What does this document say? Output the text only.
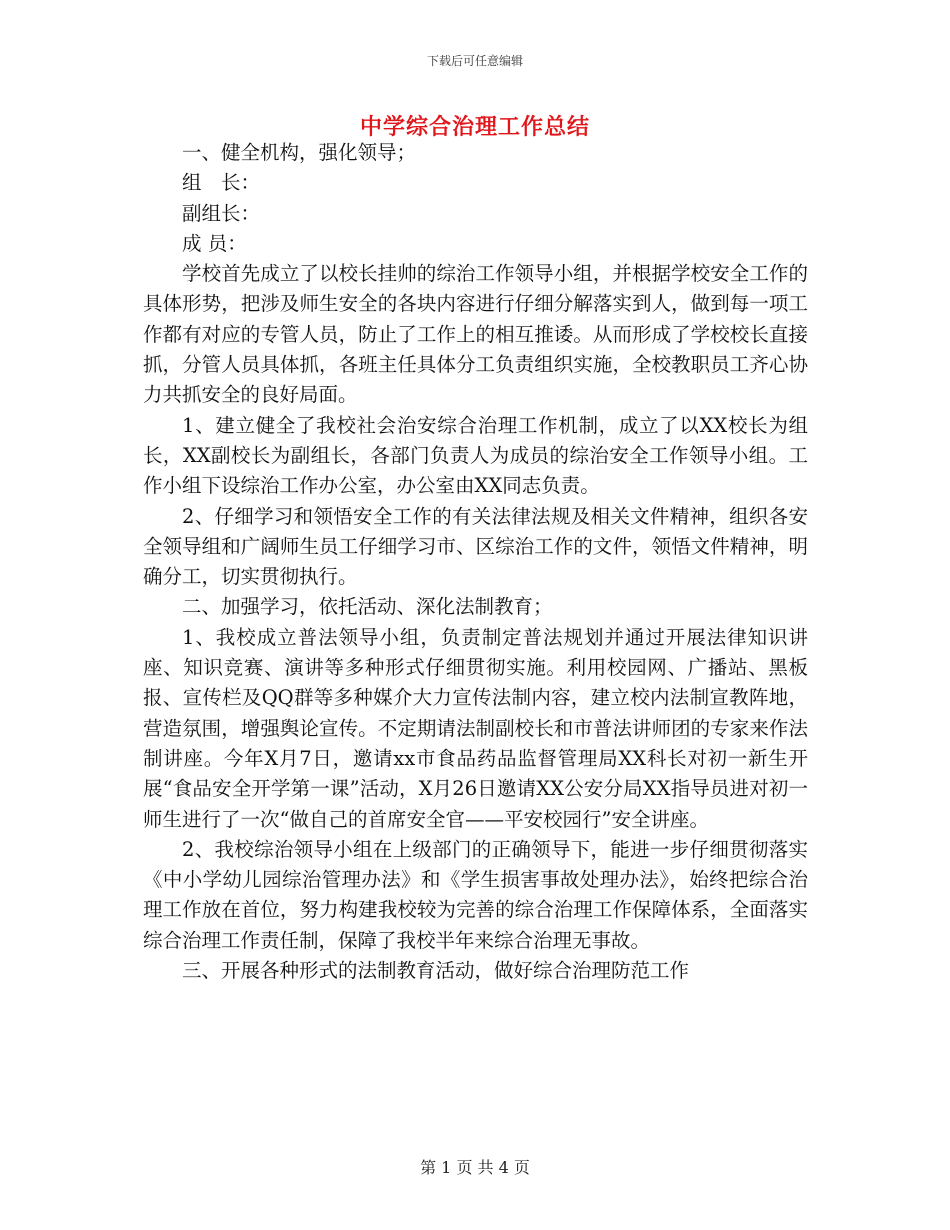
下载后可任意编辑
中学综合治理工作总结

一、健全机构，强化领导；

组　长：

副组长：

成 员：

学校首先成立了以校长挂帅的综治工作领导小组，并根据学校安全工作的具体形势，把涉及师生安全的各块内容进行仔细分解落实到人，做到每一项工作都有对应的专管人员，防止了工作上的相互推诿。从而形成了学校校长直接抓，分管人员具体抓，各班主任具体分工负责组织实施，全校教职员工齐心协力共抓安全的良好局面。

1、建立健全了我校社会治安综合治理工作机制，成立了以XX校长为组长，XX副校长为副组长，各部门负责人为成员的综治安全工作领导小组。工作小组下设综治工作办公室，办公室由XX同志负责。

2、仔细学习和领悟安全工作的有关法律法规及相关文件精神，组织各安全领导组和广阔师生员工仔细学习市、区综治工作的文件，领悟文件精神，明确分工，切实贯彻执行。

二、加强学习，依托活动、深化法制教育；

1、我校成立普法领导小组，负责制定普法规划并通过开展法律知识讲座、知识竞赛、演讲等多种形式仔细贯彻实施。利用校园网、广播站、黑板报、宣传栏及QQ群等多种媒介大力宣传法制内容，建立校内法制宣教阵地，营造氛围，增强舆论宣传。不定期请法制副校长和市普法讲师团的专家来作法制讲座。今年X月7日，邀请xx市食品药品监督管理局XX科长对初一新生开展“食品安全开学第一课”活动，X月26日邀请XX公安分局XX指导员进对初一师生进行了一次“做自己的首席安全官——平安校园行”安全讲座。

2、我校综治领导小组在上级部门的正确领导下，能进一步仔细贯彻落实《中小学幼儿园综治管理办法》和《学生损害事故处理办法》，始终把综合治理工作放在首位，努力构建我校较为完善的综合治理工作保障体系，全面落实综合治理工作责任制，保障了我校半年来综合治理无事故。

三、开展各种形式的法制教育活动，做好综合治理防范工作

第 1 页 共 4 页
